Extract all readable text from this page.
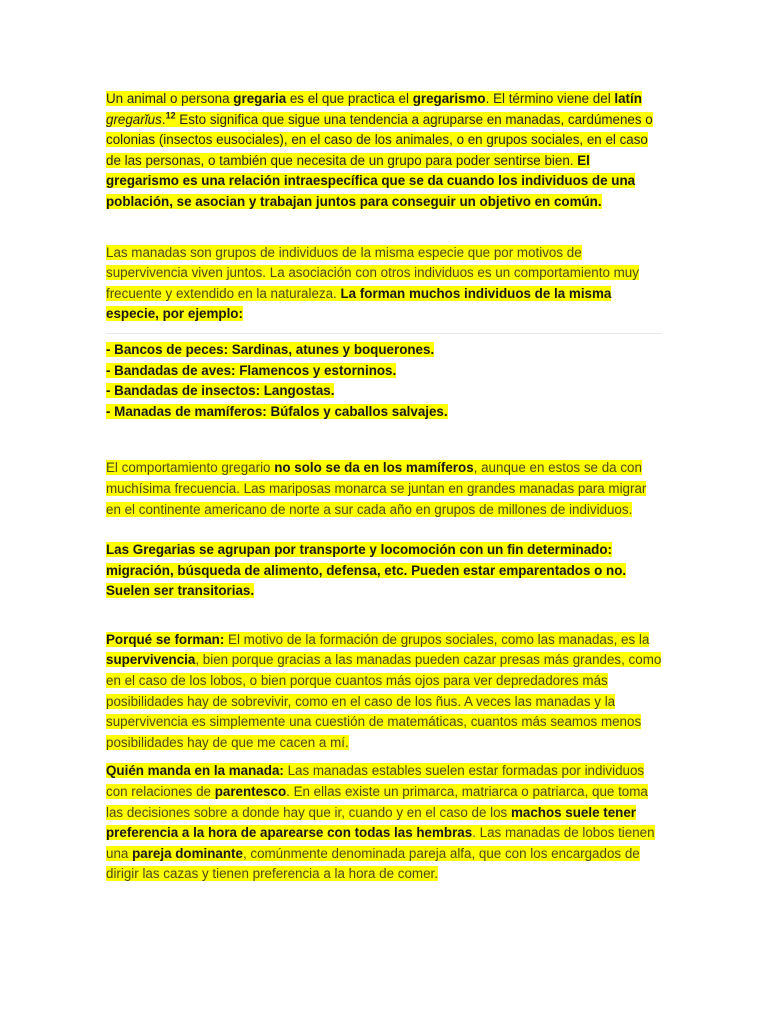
Un animal o persona gregaria es el que practica el gregarismo. El término viene del latín gregarĭus.$^{12}$ Esto significa que sigue una tendencia a agruparse en manadas, cardúmenes o colonias (insectos eusociales), en el caso de los animales, o en grupos sociales, en el caso de las personas, o también que necesita de un grupo para poder sentirse bien. El gregarismo es una relación intraespecífica que se da cuando los individuos de una población, se asocian y trabajan juntos para conseguir un objetivo en común.

Las manadas son grupos de individuos de la misma especie que por motivos de supervivencia viven juntos. La asociación con otros individuos es un comportamiento muy frecuente y extendido en la naturaleza. La forman muchos individuos de la misma especie, por ejemplo:

- Bancos de peces: Sardinas, atunes y boquerones.
- Bandadas de aves: Flamencos y estorninos.
- Bandadas de insectos: Langostas.
- Manadas de mamíferos: Búfalos y caballos salvajes.

El comportamiento gregario no solo se da en los mamíferos, aunque en estos se da con muchísima frecuencia. Las mariposas monarca se juntan en grandes manadas para migrar en el continente americano de norte a sur cada año en grupos de millones de individuos.

Las Gregarias se agrupan por transporte y locomoción con un fin determinado: migración, búsqueda de alimento, defensa, etc. Pueden estar emparentados o no. Suelen ser transitorias.

Porqué se forman: El motivo de la formación de grupos sociales, como las manadas, es la supervivencia, bien porque gracias a las manadas pueden cazar presas más grandes, como en el caso de los lobos, o bien porque cuantos más ojos para ver depredadores más posibilidades hay de sobrevivir, como en el caso de los ñus. A veces las manadas y la supervivencia es simplemente una cuestión de matemáticas, cuantos más seamos menos posibilidades hay de que me cacen a mí.

Quién manda en la manada: Las manadas estables suelen estar formadas por individuos con relaciones de parentesco. En ellas existe un primarca, matriarca o patriarca, que toma las decisiones sobre a donde hay que ir, cuando y en el caso de los machos suele tener preferencia a la hora de aparearse con todas las hembras. Las manadas de lobos tienen una pareja dominante, comúnmente denominada pareja alfa, que con los encargados de dirigir las cazas y tienen preferencia a la hora de comer.
